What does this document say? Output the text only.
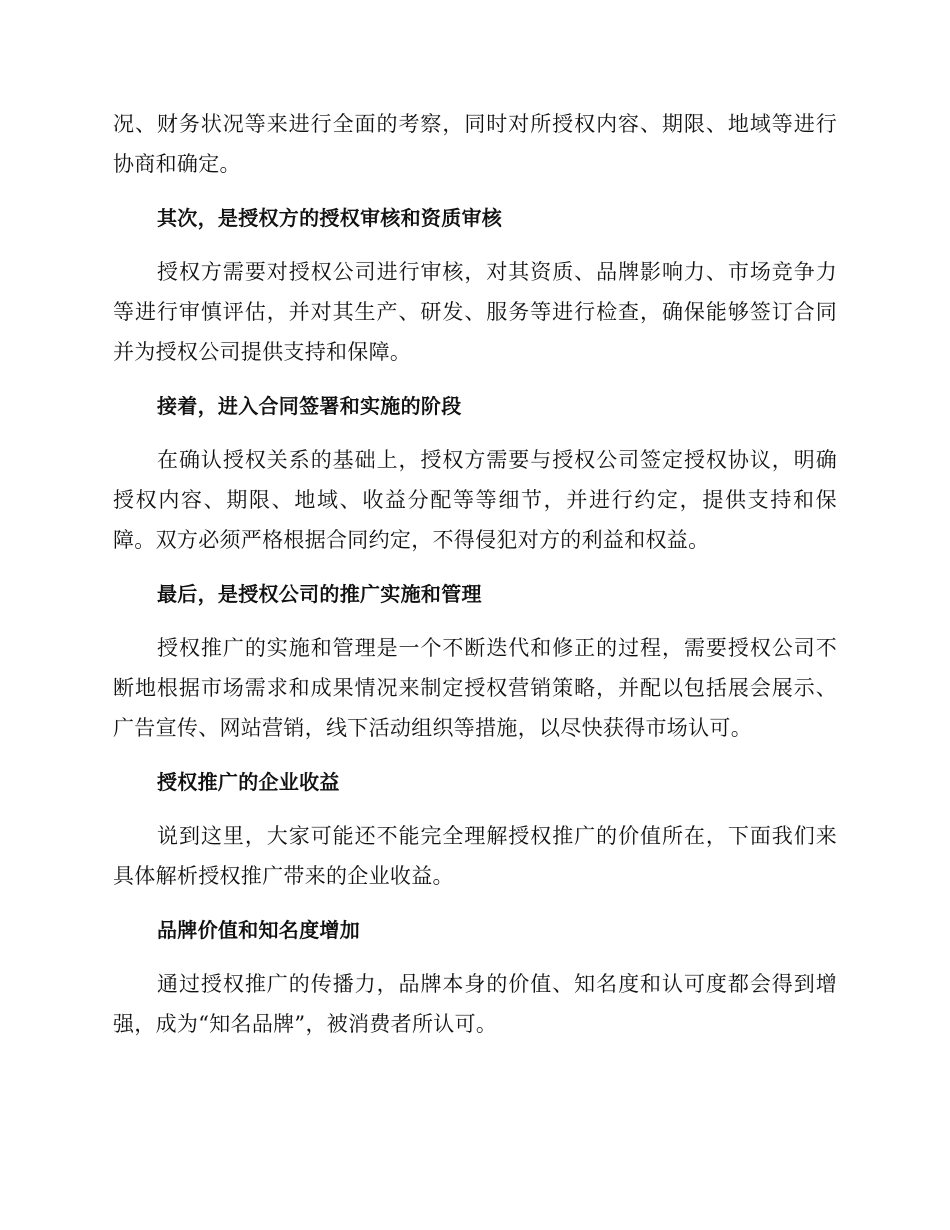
况、财务状况等来进行全面的考察，同时对所授权内容、期限、地域等进行协商和确定。

其次，是授权方的授权审核和资质审核

授权方需要对授权公司进行审核，对其资质、品牌影响力、市场竞争力等进行审慎评估，并对其生产、研发、服务等进行检查，确保能够签订合同并为授权公司提供支持和保障。

接着，进入合同签署和实施的阶段

在确认授权关系的基础上，授权方需要与授权公司签定授权协议，明确授权内容、期限、地域、收益分配等等细节，并进行约定，提供支持和保障。双方必须严格根据合同约定，不得侵犯对方的利益和权益。

最后，是授权公司的推广实施和管理

授权推广的实施和管理是一个不断迭代和修正的过程，需要授权公司不断地根据市场需求和成果情况来制定授权营销策略，并配以包括展会展示、广告宣传、网站营销，线下活动组织等措施，以尽快获得市场认可。

授权推广的企业收益

说到这里，大家可能还不能完全理解授权推广的价值所在，下面我们来具体解析授权推广带来的企业收益。

品牌价值和知名度增加

通过授权推广的传播力，品牌本身的价值、知名度和认可度都会得到增强，成为“知名品牌”，被消费者所认可。
